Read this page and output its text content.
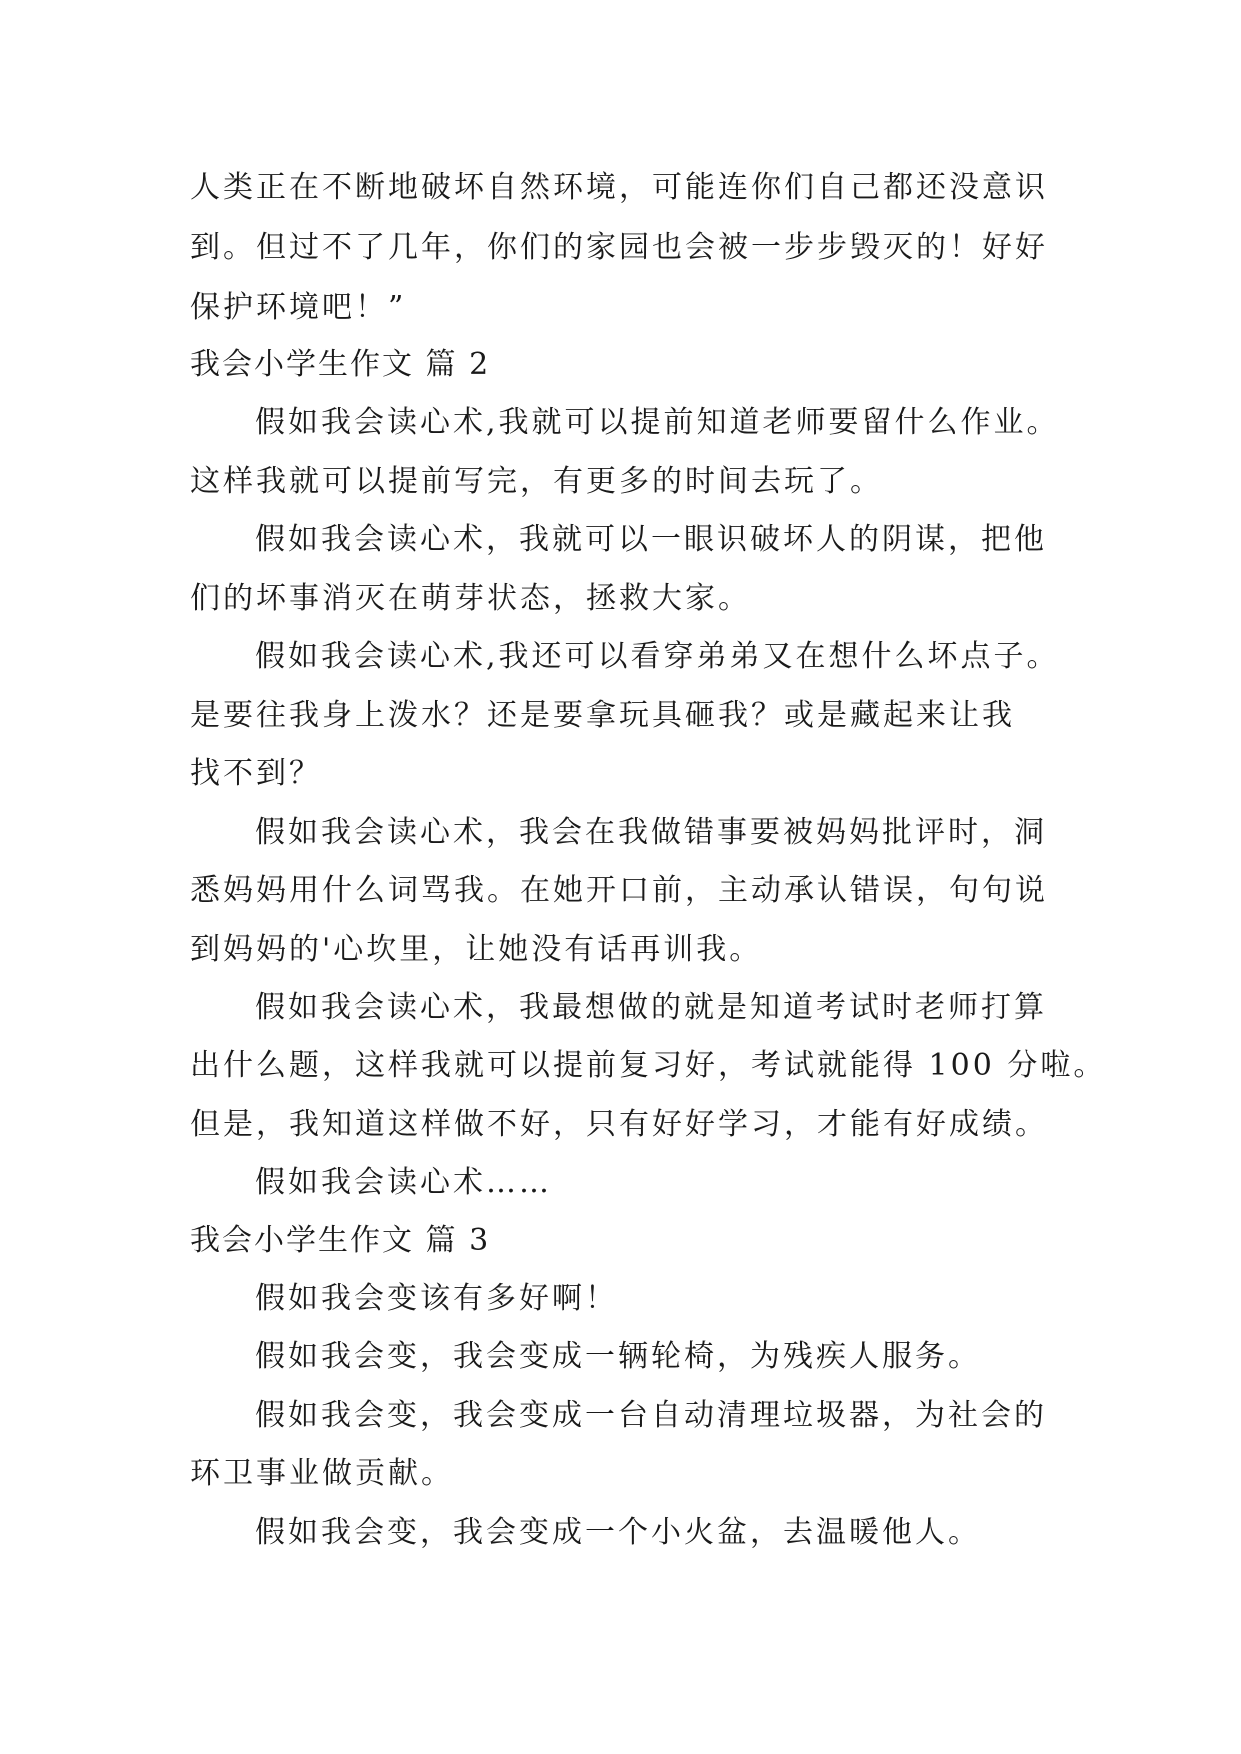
人类正在不断地破坏自然环境，可能连你们自己都还没意识
到。但过不了几年，你们的家园也会被一步步毁灭的！好好
保护环境吧！”
我会小学生作文 篇 2
假如我会读心术,我就可以提前知道老师要留什么作业。
这样我就可以提前写完，有更多的时间去玩了。
假如我会读心术，我就可以一眼识破坏人的阴谋，把他
们的坏事消灭在萌芽状态，拯救大家。
假如我会读心术,我还可以看穿弟弟又在想什么坏点子。
是要往我身上泼水？还是要拿玩具砸我？或是藏起来让我
找不到？
假如我会读心术，我会在我做错事要被妈妈批评时，洞
悉妈妈用什么词骂我。在她开口前，主动承认错误，句句说
到妈妈的'心坎里，让她没有话再训我。
假如我会读心术，我最想做的就是知道考试时老师打算
出什么题，这样我就可以提前复习好，考试就能得 100 分啦。
但是，我知道这样做不好，只有好好学习，才能有好成绩。
假如我会读心术……
我会小学生作文 篇 3
假如我会变该有多好啊！
假如我会变，我会变成一辆轮椅，为残疾人服务。
假如我会变，我会变成一台自动清理垃圾器，为社会的
环卫事业做贡献。
假如我会变，我会变成一个小火盆，去温暖他人。
